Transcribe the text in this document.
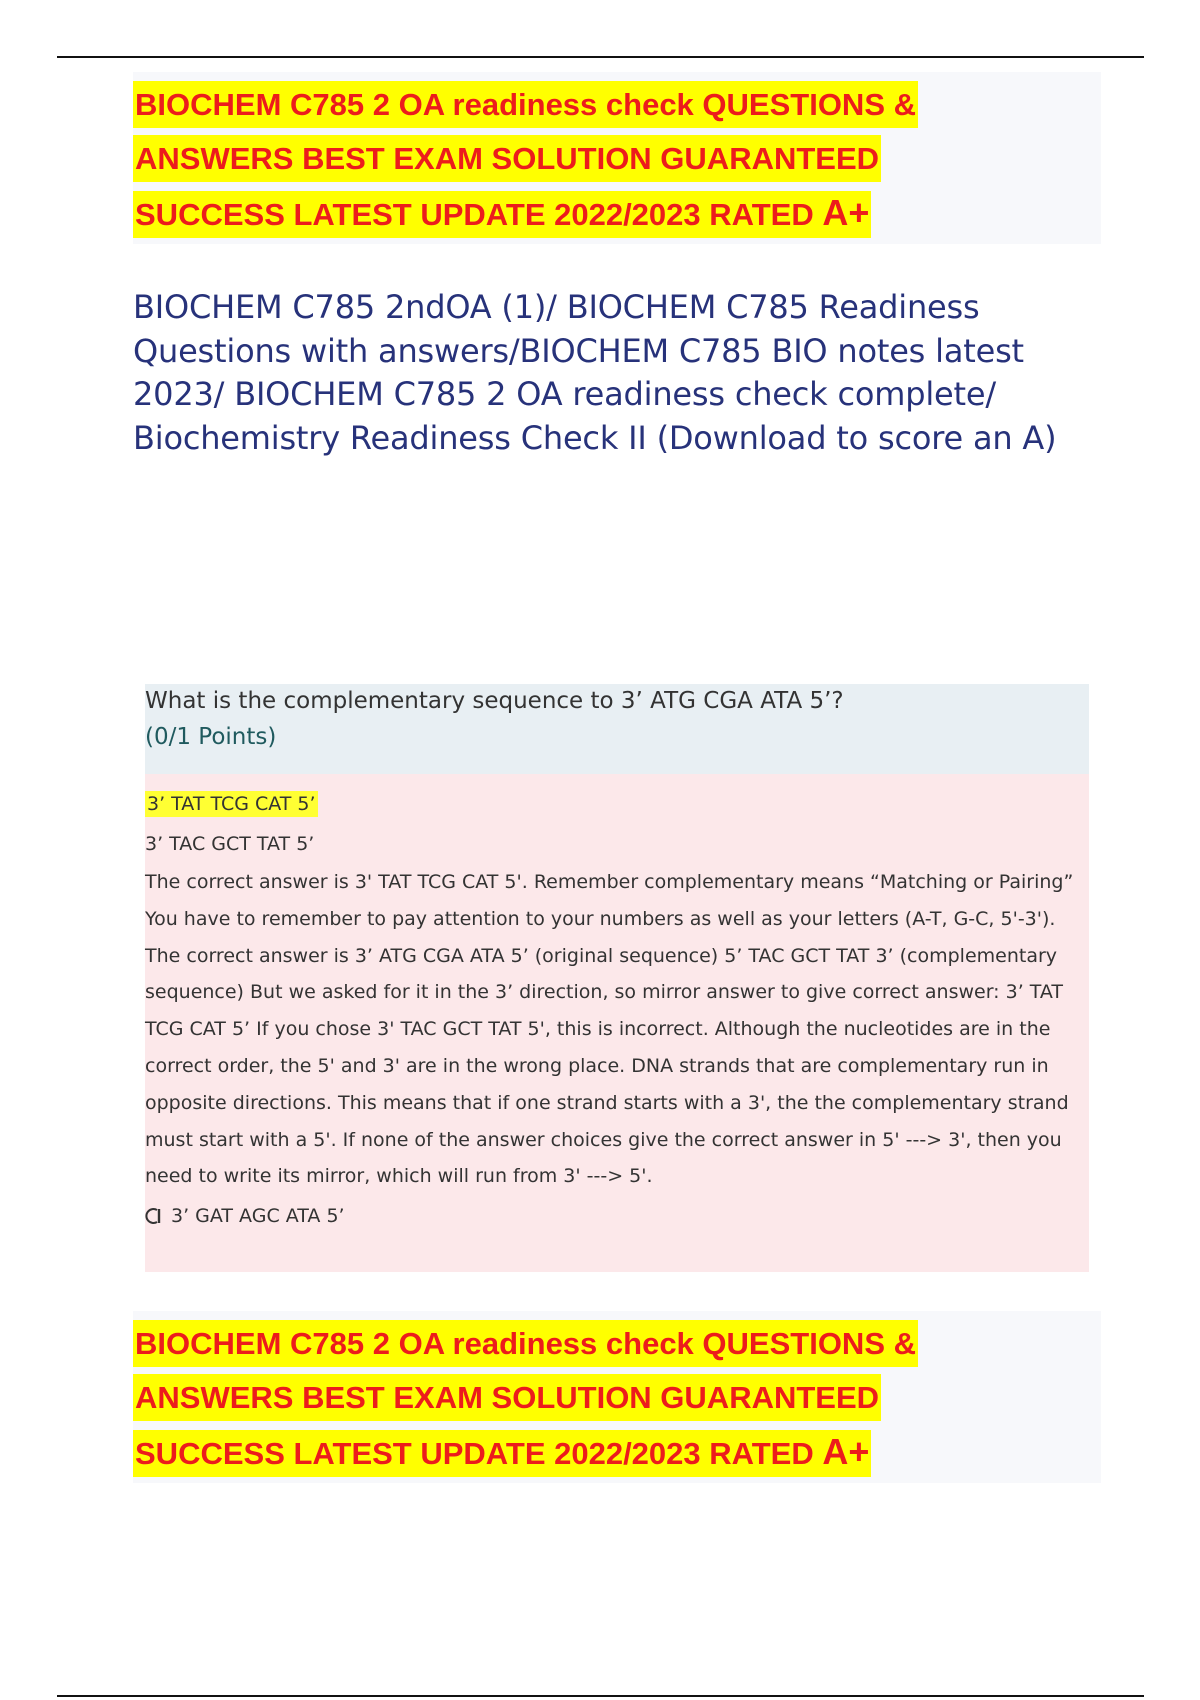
BIOCHEM C785 2 OA readiness check QUESTIONS &
ANSWERS BEST EXAM SOLUTION GUARANTEED
SUCCESS LATEST UPDATE 2022/2023 RATED A+
BIOCHEM C785 2ndOA (1)/ BIOCHEM C785 Readiness Questions with answers/BIOCHEM C785 BIO notes latest 2023/ BIOCHEM C785 2 OA readiness check complete/ Biochemistry Readiness Check II (Download to score an A)
What is the complementary sequence to 3’ ATG CGA ATA 5’?
(0/1 Points)
3’ TAT TCG CAT 5’
3’ TAC GCT TAT 5’
The correct answer is 3' TAT TCG CAT 5'. Remember complementary means “Matching or Pairing” You have to remember to pay attention to your numbers as well as your letters (A-T, G-C, 5'-3'). The correct answer is 3’ ATG CGA ATA 5’ (original sequence) 5’ TAC GCT TAT 3’ (complementary sequence) But we asked for it in the 3’ direction, so mirror answer to give correct answer: 3’ TAT TCG CAT 5’ If you chose 3' TAC GCT TAT 5', this is incorrect. Although the nucleotides are in the correct order, the 5' and 3' are in the wrong place. DNA strands that are complementary run in opposite directions. This means that if one strand starts with a 3', the the complementary strand must start with a 5'. If none of the answer choices give the correct answer in 5' ---> 3', then you need to write its mirror, which will run from 3' ---> 5'.
3’ GAT AGC ATA 5’
BIOCHEM C785 2 OA readiness check QUESTIONS &
ANSWERS BEST EXAM SOLUTION GUARANTEED
SUCCESS LATEST UPDATE 2022/2023 RATED A+
